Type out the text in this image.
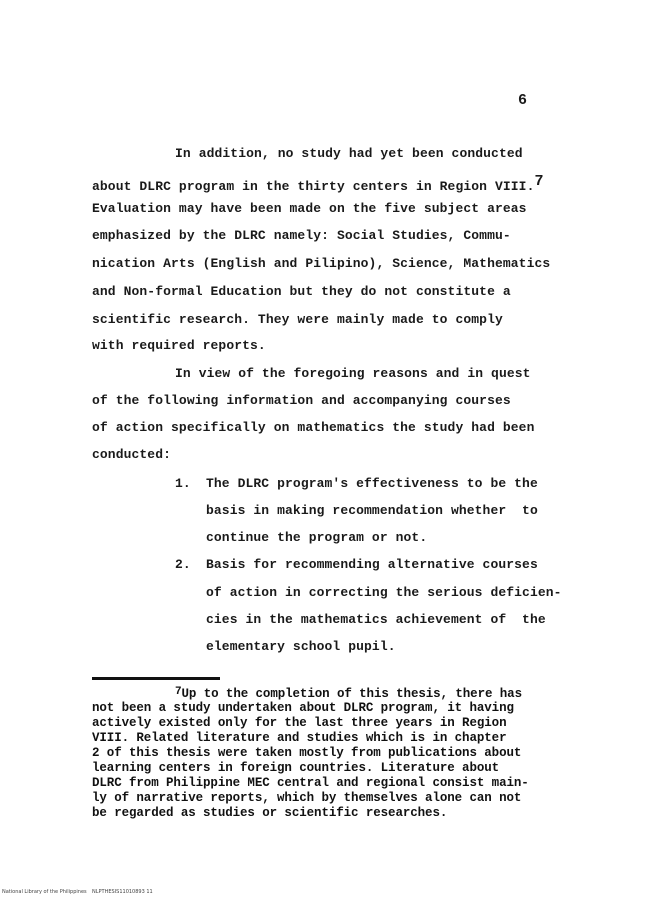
6
In addition, no study had yet been conducted
about DLRC program in the thirty centers in Region VIII.7
Evaluation may have been made on the five subject areas
emphasized by the DLRC namely: Social Studies, Commu-
nication Arts (English and Pilipino), Science, Mathematics
and Non-formal Education but they do not constitute a
scientific research. They were mainly made to comply
with required reports.
In view of the foregoing reasons and in quest
of the following information and accompanying courses
of action specifically on mathematics the study had been
conducted:
1. The DLRC program's effectiveness to be the
basis in making recommendation whether  to
continue the program or not.
2. Basis for recommending alternative courses
of action in correcting the serious deficien-
cies in the mathematics achievement of  the
elementary school pupil.
7Up to the completion of this thesis, there has
not been a study undertaken about DLRC program, it having
actively existed only for the last three years in Region
VIII. Related literature and studies which is in chapter
2 of this thesis were taken mostly from publications about
learning centers in foreign countries. Literature about
DLRC from Philippine MEC central and regional consist main-
ly of narrative reports, which by themselves alone can not
be regarded as studies or scientific researches.
National Library of the Philippines NLPTHESIS11010893 11
